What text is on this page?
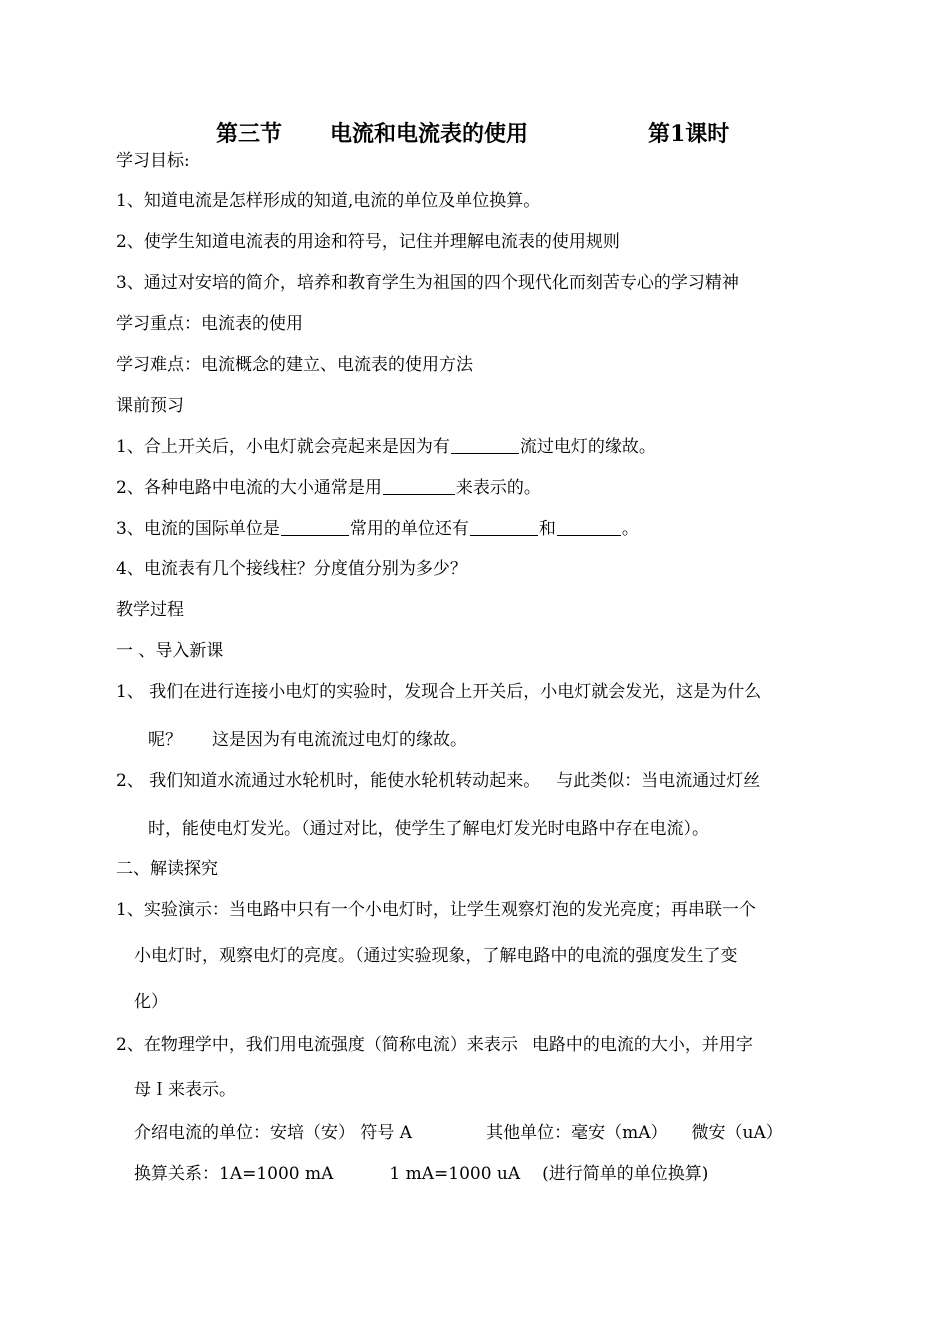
第三节 电流和电流表的使用	第1课时
学习目标:
1、知道电流是怎样形成的知道,电流的单位及单位换算。
2、使学生知道电流表的用途和符号，记住并理解电流表的使用规则
3、通过对安培的简介，培养和教育学生为祖国的四个现代化而刻苦专心的学习精神
学习重点：电流表的使用
学习难点：电流概念的建立、电流表的使用方法
课前预习
1、合上开关后，小电灯就会亮起来是因为有	流过电灯的缘故。
2、各种电路中电流的大小通常是用	来表示的。
3、电流的国际单位是	常用的单位还有	和	。
4、电流表有几个接线柱？分度值分别为多少？
教学过程
一 、导入新课
1、 我们在进行连接小电灯的实验时，发现合上开关后，小电灯就会发光，这是为什么
呢？ 这是因为有电流流过电灯的缘故。
2、 我们知道水流通过水轮机时，能使水轮机转动起来。 与此类似：当电流通过灯丝
时，能使电灯发光。（通过对比，使学生了解电灯发光时电路中存在电流）。
二、解读探究
1、实验演示：当电路中只有一个小电灯时，让学生观察灯泡的发光亮度；再串联一个
小电灯时，观察电灯的亮度。（通过实验现象，了解电路中的电流的强度发生了变
化）
2、在物理学中，我们用电流强度（简称电流）来表示 电路中的电流的大小，并用字
母Ｉ来表示。
介绍电流的单位：安培（安） 符号 A	其他单位：毫安（mA） 微安（uA）
换算关系：1A=1000 mA	1 mA=1000 uA (进行简单的单位换算)
